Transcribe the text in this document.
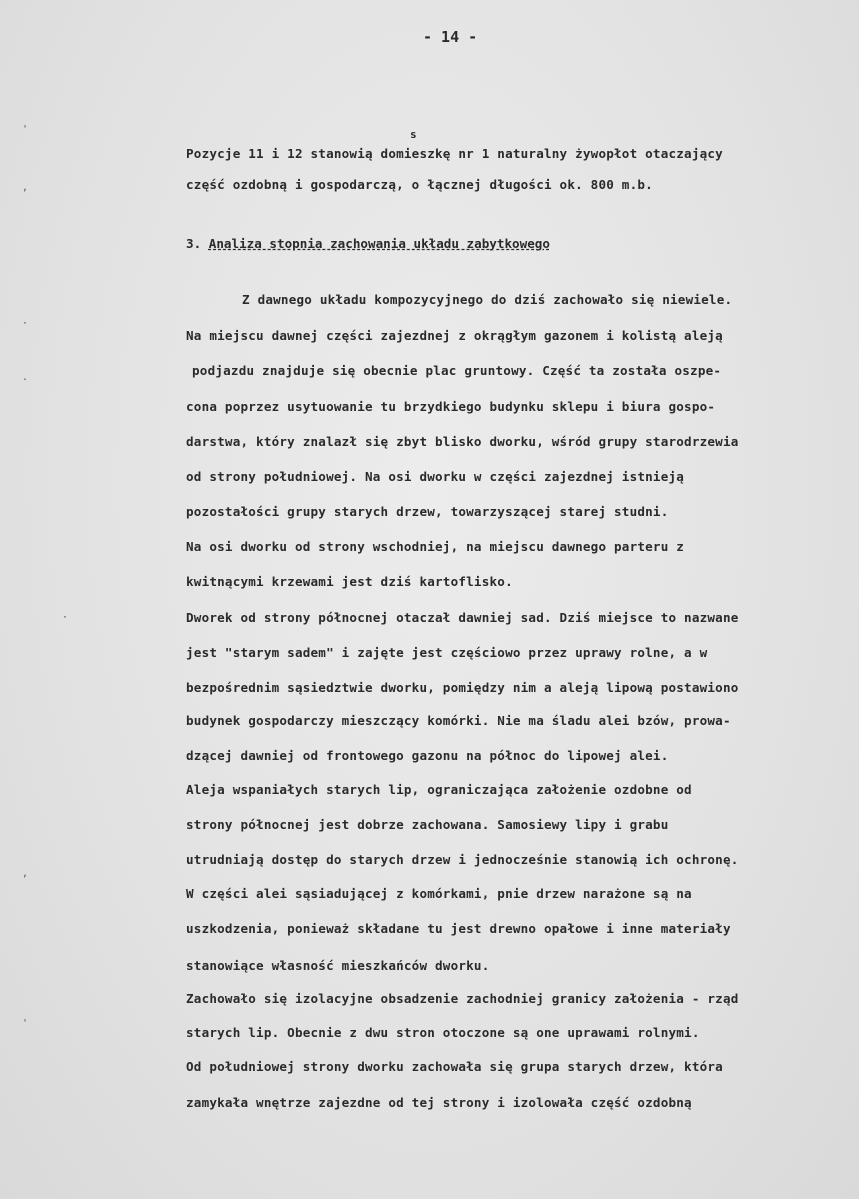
- 14 -
'
,
·
.
·
,
'
s
Pozycje 11 i 12 stanowią domieszkę nr 1 naturalny żywopłot otaczający
część ozdobną i gospodarczą, o łącznej długości ok. 800 m.b.
3. Analiza stopnia zachowania układu zabytkowego
Z dawnego układu kompozycyjnego do dziś zachowało się niewiele.
Na miejscu dawnej części zajezdnej z okrągłym gazonem i kolistą aleją
podjazdu znajduje się obecnie plac gruntowy. Część ta została oszpe-
cona poprzez usytuowanie tu brzydkiego budynku sklepu i biura gospo-
darstwa, który znalazł się zbyt blisko dworku, wśród grupy starodrzewia
od strony południowej. Na osi dworku w części zajezdnej istnieją
pozostałości grupy starych drzew, towarzyszącej starej studni.
Na osi dworku od strony wschodniej, na miejscu dawnego parteru z
kwitnącymi krzewami jest dziś kartoflisko.
Dworek od strony północnej otaczał dawniej sad. Dziś miejsce to nazwane
jest "starym sadem" i zajęte jest częściowo przez uprawy rolne, a w
bezpośrednim sąsiedztwie dworku, pomiędzy nim a aleją lipową postawiono
budynek gospodarczy mieszczący komórki. Nie ma śladu alei bzów, prowa-
dzącej dawniej od frontowego gazonu na północ do lipowej alei.
Aleja wspaniałych starych lip, ograniczająca założenie ozdobne od
strony północnej jest dobrze zachowana. Samosiewy lipy i grabu
utrudniają dostęp do starych drzew i jednocześnie stanowią ich ochronę.
W części alei sąsiadującej z komórkami, pnie drzew narażone są na
uszkodzenia, ponieważ składane tu jest drewno opałowe i inne materiały
stanowiące własność mieszkańców dworku.
Zachowało się izolacyjne obsadzenie zachodniej granicy założenia - rząd
starych lip. Obecnie z dwu stron otoczone są one uprawami rolnymi.
Od południowej strony dworku zachowała się grupa starych drzew, która
zamykała wnętrze zajezdne od tej strony i izolowała część ozdobną
